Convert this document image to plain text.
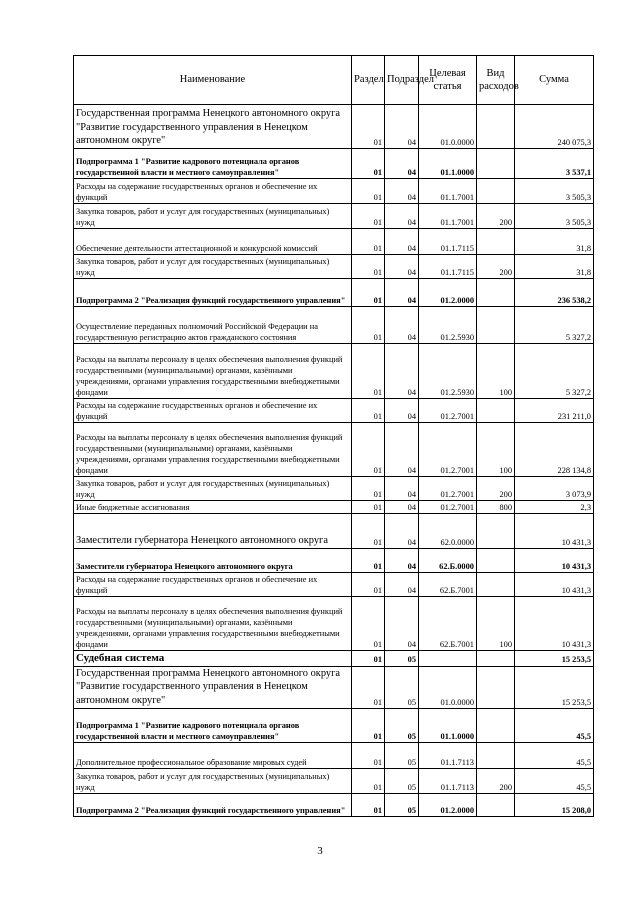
Наименование	Раздел	Подраздел	Целевая статья	Вид расходов	Сумма
Государственная программа Ненецкого автономного округа "Развитие государственного управления в Ненецком автономном округе"	01	04	01.0.0000		240 075,3
Подпрограмма 1 "Развитие кадрового потенциала органов государственной власти и местного самоуправления"	01	04	01.1.0000		3 537,1
Расходы на содержание государственных органов и обеспечение их функций	01	04	01.1.7001		3 505,3
Закупка товаров, работ и услуг для государственных (муниципальных) нужд	01	04	01.1.7001	200	3 505,3
Обеспечение деятельности аттестационной и конкурсной комиссий	01	04	01.1.7115		31,8
Закупка товаров, работ и услуг для государственных (муниципальных) нужд	01	04	01.1.7115	200	31,8
Подпрограмма 2 "Реализация функций государственного управления"	01	04	01.2.0000		236 538,2
Осуществление переданных полномочий Российской Федерации на государственную регистрацию актов гражданского состояния	01	04	01.2.5930		5 327,2
Расходы на выплаты персоналу в целях обеспечения выполнения функций государственными (муниципальными) органами, казёнными учреждениями, органами управления государственными внебюджетными фондами	01	04	01.2.5930	100	5 327,2
Расходы на содержание государственных органов и обеспечение их функций	01	04	01.2.7001		231 211,0
Расходы на выплаты персоналу в целях обеспечения выполнения функций государственными (муниципальными) органами, казёнными учреждениями, органами управления государственными внебюджетными фондами	01	04	01.2.7001	100	228 134,8
Закупка товаров, работ и услуг для государственных (муниципальных) нужд	01	04	01.2.7001	200	3 073,9
Иные бюджетные ассигнования	01	04	01.2.7001	800	2,3
Заместители губернатора Ненецкого автономного округа	01	04	62.0.0000		10 431,3
Заместители губернатора Ненецкого автономного округа	01	04	62.Б.0000		10 431,3
Расходы на содержание государственных органов и обеспечение их функций	01	04	62.Б.7001		10 431,3
Расходы на выплаты персоналу в целях обеспечения выполнения функций государственными (муниципальными) органами, казёнными учреждениями, органами управления государственными внебюджетными фондами	01	04	62.Б.7001	100	10 431,3
Судебная система	01	05			15 253,5
Государственная программа Ненецкого автономного округа "Развитие государственного управления в Ненецком автономном округе"	01	05	01.0.0000		15 253,5
Подпрограмма 1 "Развитие кадрового потенциала органов государственной власти и местного самоуправления"	01	05	01.1.0000		45,5
Дополнительное профессиональное образование мировых судей	01	05	01.1.7113		45,5
Закупка товаров, работ и услуг для государственных (муниципальных) нужд	01	05	01.1.7113	200	45,5
Подпрограмма 2 "Реализация функций государственного управления"	01	05	01.2.0000		15 208,0
3
